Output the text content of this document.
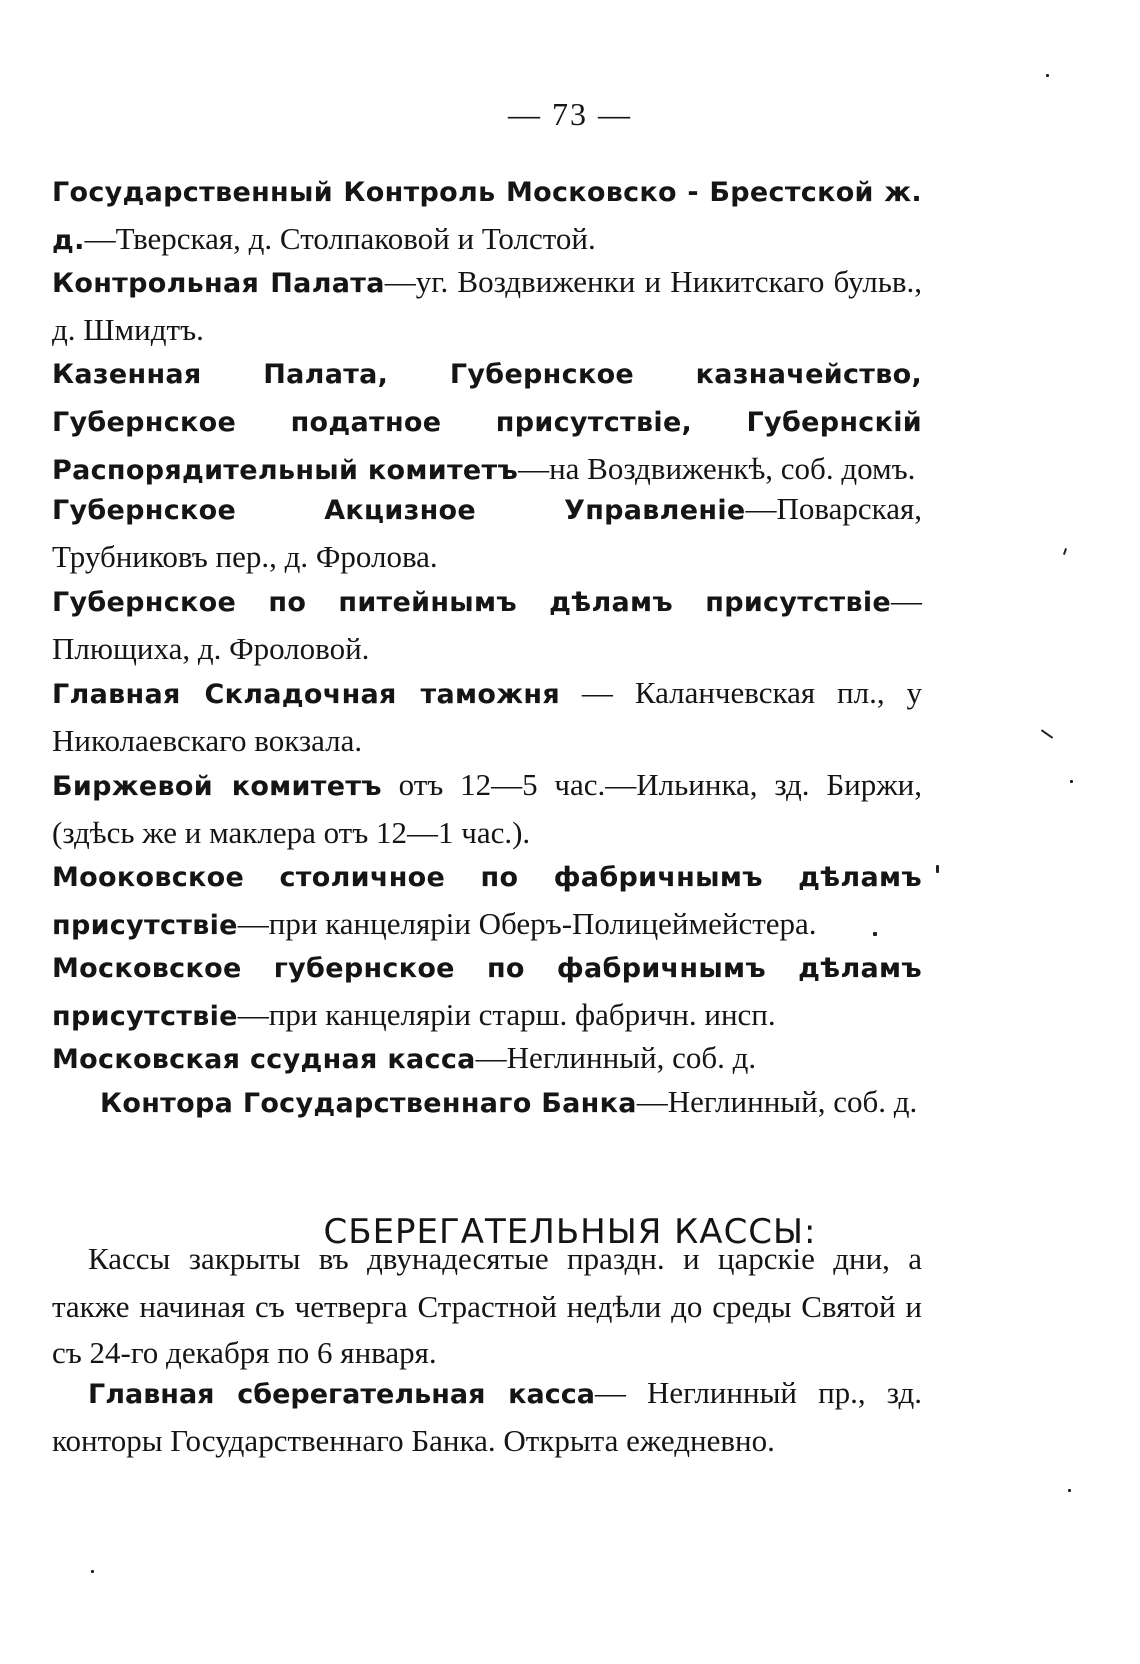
— 73 —
Государственный Контроль Московско - Брестской ж. д.—Тверская, д. Столпаковой и Толстой.
Контрольная Палата—уг. Воздвиженки и Никитскаго бульв., д. Шмидтъ.
Казенная Палата, Губернское казначейство, Губернское податное присутствіе, Губернскій Распорядительный комитетъ—на Воздвиженкѣ, соб. домъ.
Губернское Акцизное Управленіе—Поварская, Трубниковъ пер., д. Фролова.
Губернское по питейнымъ дѣламъ присутствіе—Плющиха, д. Фроловой.
Главная Складочная таможня — Каланчевская пл., у Николаевскаго вокзала.
Биржевой комитетъ отъ 12—5 час.—Ильинка, зд. Биржи, (здѣсь же и маклера отъ 12—1 час.).
Мооковское столичное по фабричнымъ дѣламъ присутствіе—при канцеляріи Оберъ-Полицеймейстера.
Московское губернское по фабричнымъ дѣламъ присутствіе—при канцеляріи старш. фабричн. инсп.
Московская ссудная касса—Неглинный, соб. д.
Контора Государственнаго Банка—Неглинный, соб. д.
СБЕРЕГАТЕЛЬНЫЯ КАССЫ:
Кассы закрыты въ двунадесятые праздн. и царскіе дни, а также начиная съ четверга Страстной недѣли до среды Святой и съ 24-го декабря по 6 января.
Главная сберегательная касса— Неглинный пр., зд. конторы Государственнаго Банка. Открыта ежедневно.
